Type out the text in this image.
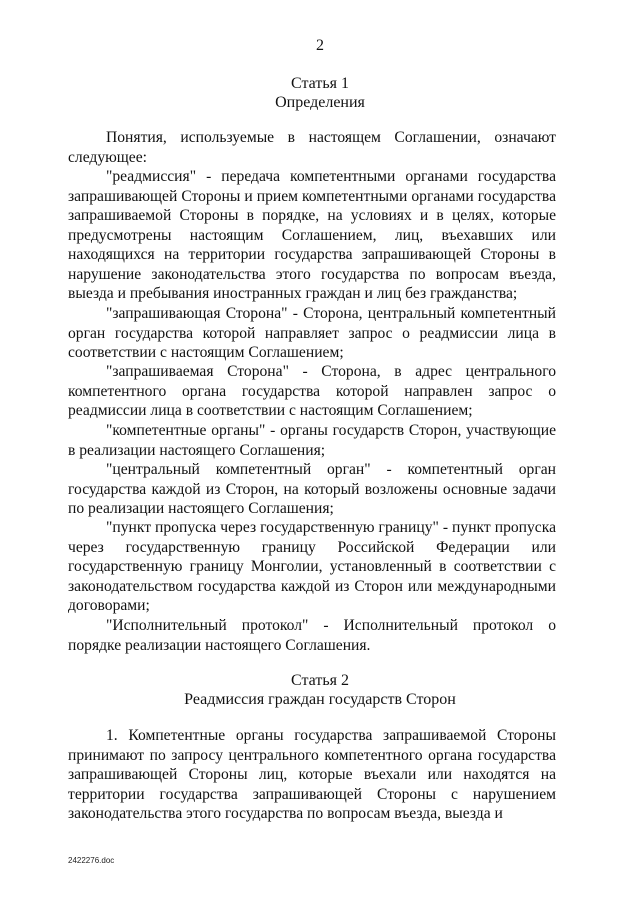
2
Статья 1
Определения
Понятия, используемые в настоящем Соглашении, означают следующее:
"реадмиссия" - передача компетентными органами государства запрашивающей Стороны и прием компетентными органами государства запрашиваемой Стороны в порядке, на условиях и в целях, которые предусмотрены настоящим Соглашением, лиц, въехавших или находящихся на территории государства запрашивающей Стороны в нарушение законодательства этого государства по вопросам въезда, выезда и пребывания иностранных граждан и лиц без гражданства;
"запрашивающая Сторона" - Сторона, центральный компетентный орган государства которой направляет запрос о реадмиссии лица в соответствии с настоящим Соглашением;
"запрашиваемая Сторона" - Сторона, в адрес центрального компетентного органа государства которой направлен запрос о реадмиссии лица в соответствии с настоящим Соглашением;
"компетентные органы" - органы государств Сторон, участвующие в реализации настоящего Соглашения;
"центральный компетентный орган" - компетентный орган государства каждой из Сторон, на который возложены основные задачи по реализации настоящего Соглашения;
"пункт пропуска через государственную границу" - пункт пропуска через государственную границу Российской Федерации или государственную границу Монголии, установленный в соответствии с законодательством государства каждой из Сторон или международными договорами;
"Исполнительный протокол" - Исполнительный протокол о порядке реализации настоящего Соглашения.
Статья 2
Реадмиссия граждан государств Сторон
1. Компетентные органы государства запрашиваемой Стороны принимают по запросу центрального компетентного органа государства запрашивающей Стороны лиц, которые въехали или находятся на территории государства запрашивающей Стороны с нарушением законодательства этого государства по вопросам въезда, выезда и
2422276.doc
